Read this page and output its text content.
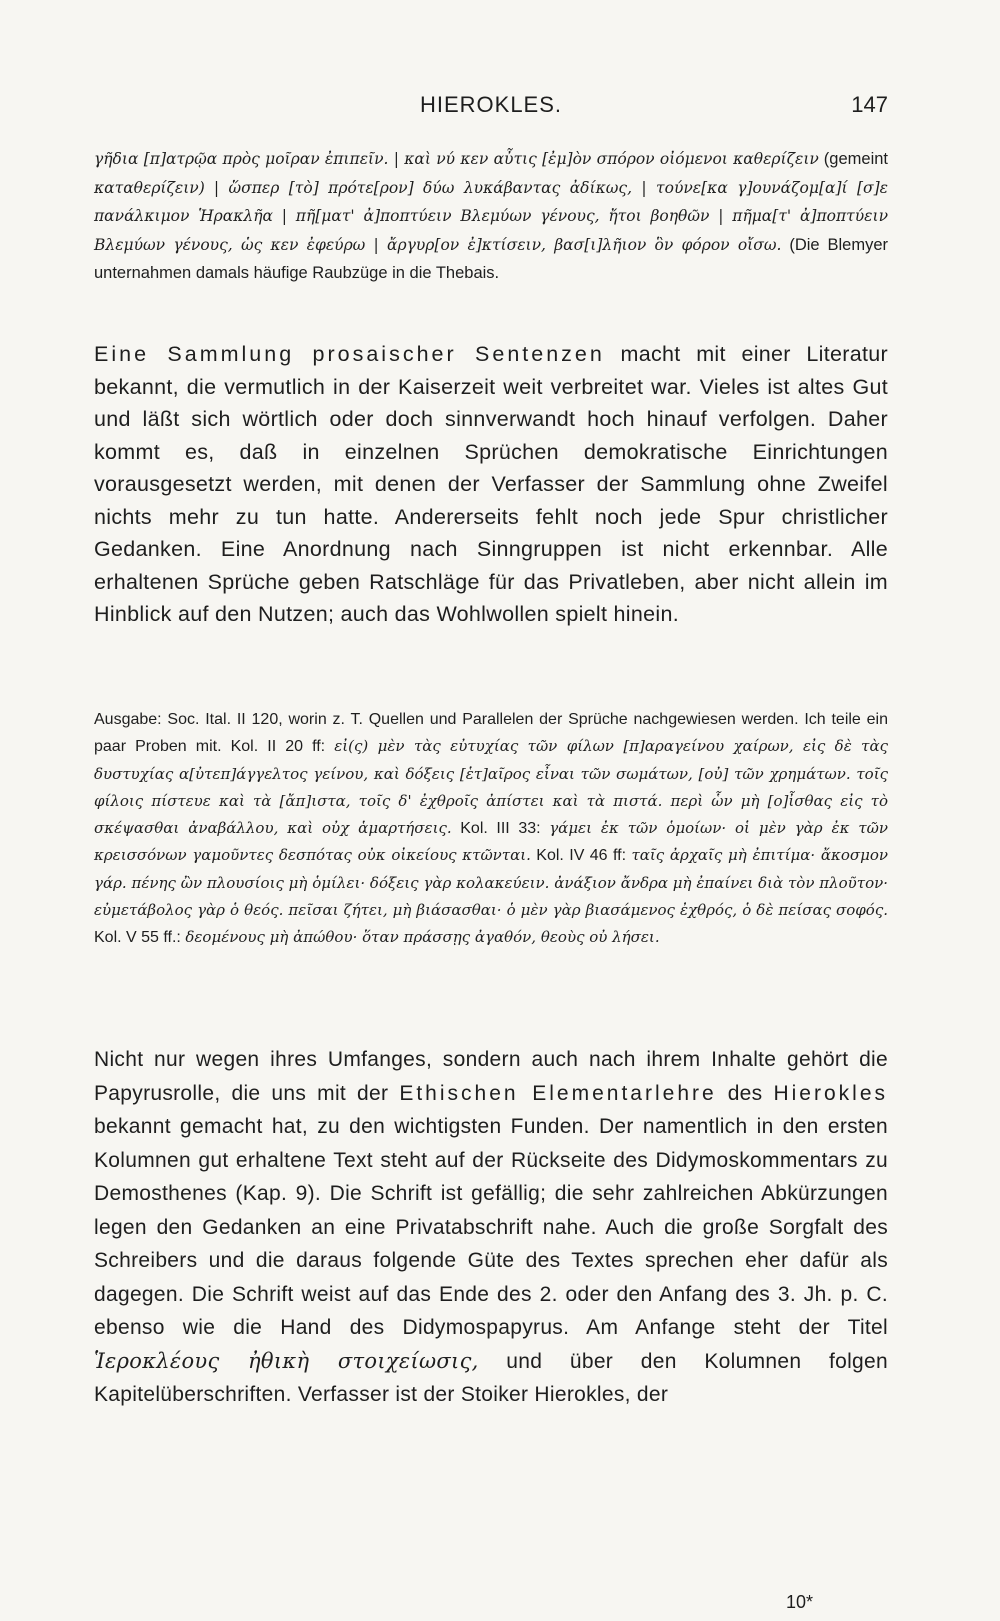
HIEROKLES.	147
γῆδια [π]ατρῷα πρὸς μοῖραν ἐπιπεῖν. | καὶ νύ κεν αὖτις [ἐμ]ὸν σπόρον οἰόμενοι καθερίζειν (gemeint καταθερίζειν) | ὥσπερ [τὸ] πρότε[ρον] δύω λυκάβαντας ἀδίκως, | τούνε[κα γ]ουνάζομ[α]ί [σ]ε πανάλκιμον Ἡρακλῆα | πῆ[ματ' ἀ]ποπτύειν Βλεμύων γένους, ἤτοι βοηθῶν | πῆμα[τ' ἀ]ποπτύειν Βλεμύων γένους, ὡς κεν ἐφεύρω | ἄργυρ[ον ἐ]κτίσειν, βασ[ι]λῆιον ὃν φόρον οἴσω. (Die Blemyer unternahmen damals häufige Raubzüge in die Thebais.
Eine Sammlung prosaischer Sentenzen macht mit einer Literatur bekannt, die vermutlich in der Kaiserzeit weit verbreitet war. Vieles ist altes Gut und läßt sich wörtlich oder doch sinnverwandt hoch hinauf verfolgen. Daher kommt es, daß in einzelnen Sprüchen demokratische Einrichtungen vorausgesetzt werden, mit denen der Verfasser der Sammlung ohne Zweifel nichts mehr zu tun hatte. Andererseits fehlt noch jede Spur christlicher Gedanken. Eine Anordnung nach Sinngruppen ist nicht erkennbar. Alle erhaltenen Sprüche geben Ratschläge für das Privatleben, aber nicht allein im Hinblick auf den Nutzen; auch das Wohlwollen spielt hinein.
Ausgabe: Soc. Ital. II 120, worin z. T. Quellen und Parallelen der Sprüche nachgewiesen werden. Ich teile ein paar Proben mit. Kol. II 20 ff: εἰ(ς) μὲν τὰς εὐτυχίας τῶν φίλων [π]αραγείνου χαίρων, εἰς δὲ τὰς δυστυχίας α[ὐτεπ]άγγελτος γείνου, καὶ δόξεις [ἑτ]αῖρος εἶναι τῶν σωμάτων, [οὐ] τῶν χρημάτων. τοῖς φίλοις πίστευε καὶ τὰ [ἄπ]ιστα, τοῖς δ' ἐχθροῖς ἀπίστει καὶ τὰ πιστά. περὶ ὧν μὴ [ο]ἶσθας εἰς τὸ σκέψασθαι ἀναβάλλου, καὶ οὐχ ἁμαρτήσεις. Kol. III 33: γάμει ἐκ τῶν ὁμοίων· οἱ μὲν γὰρ ἐκ τῶν κρεισσόνων γαμοῦντες δεσπότας οὐκ οἰκείους κτῶνται. Kol. IV 46 ff: ταῖς ἀρχαῖς μὴ ἐπιτίμα· ἄκοσμον γάρ. πένης ὢν πλουσίοις μὴ ὁμίλει· δόξεις γὰρ κολακεύειν. ἀνάξιον ἄνδρα μὴ ἐπαίνει διὰ τὸν πλοῦτον· εὐμετάβολος γὰρ ὁ θεός. πεῖσαι ζήτει, μὴ βιάσασθαι· ὁ μὲν γὰρ βιασάμενος ἐχθρός, ὁ δὲ πείσας σοφός. Kol. V 55 ff.: δεομένους μὴ ἀπώθου· ὅταν πράσσῃς ἀγαθόν, θεοὺς οὐ λήσει.
Nicht nur wegen ihres Umfanges, sondern auch nach ihrem Inhalte gehört die Papyrusrolle, die uns mit der Ethischen Elementarlehre des Hierokles bekannt gemacht hat, zu den wichtigsten Funden. Der namentlich in den ersten Kolumnen gut erhaltene Text steht auf der Rückseite des Didymoskommentars zu Demosthenes (Kap. 9). Die Schrift ist gefällig; die sehr zahlreichen Abkürzungen legen den Gedanken an eine Privatabschrift nahe. Auch die große Sorgfalt des Schreibers und die daraus folgende Güte des Textes sprechen eher dafür als dagegen. Die Schrift weist auf das Ende des 2. oder den Anfang des 3. Jh. p. C. ebenso wie die Hand des Didymospapyrus. Am Anfange steht der Titel Ἱεροκλέους ἠθικὴ στοιχείωσις, und über den Kolumnen folgen Kapitelüberschriften. Verfasser ist der Stoiker Hierokles, der
10*
